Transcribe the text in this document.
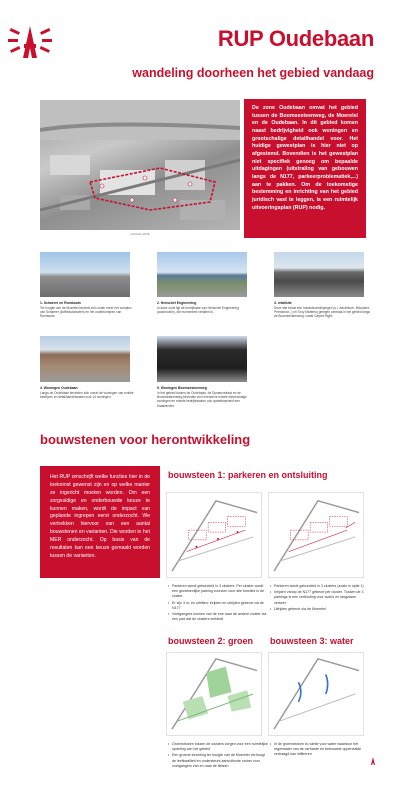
RUP Oudebaan
wandeling doorheen het gebied vandaag
luchtfoto 2018
De zone Oudebaan omvat het gebied tussen de Boomsesteenweg, de Moerelei en de Oudebaan. In dit gebied komen naast bedrijvigheid ook woningen en grootschalige detailhandel voor. Het huidige gewestplan is hier niet op afgestemd. Bovendien is het gewestplan niet specifiek genoeg om bepaalde uitdagingen (uitstraling van gebouwen langs de N177, parkeerproblematiek,...) aan te pakken. Om de toekomstige bestemming en inrichting van het gebied juridisch vast te leggen, is een ruimtelijk uitvoeringsplan (RUP) nodig.
1. Schaerer en Rombouts
Ter hoogte van de Moerelei bevindt zich onder meer het complex van Schaerer (koffieautomaten) en het onderkomplex van Rombouts.
2. Henschel Engineering
In deze zone ligt de bedrijfssite van Henschel Engineering (automotive), die momenteel verlaten is.
3. retailsite
Deze site bevat een handelsverdiepingen (o.l. Adventure, Bricoland, Prémamar...) en Tony Martens) gelegen centraal in het gebied langs de Boomsesteenweg, naast Carpet Right.
4. Woningen Oudebaan
Langs de Oudebaan bevinden zich zowel de woningen van enkele bedrijven en detailhandelszaken ook 14 woningen.
5. Woningen Boomsesteenweg
In het gebied tussen de Oudebaan, de Dynamostraat en de Boomsesteenweg bevinden zich eveneens enkele kleinschalige woningen en enkele bedrijfsstaken ook opwetbaarheid een braakterrein.
bouwstenen voor herontwikkeling
Het RUP omschrijft welke functies hier in de toekomst gewenst zijn en op welke manier ze ingericht moeten worden. Om een zorgvuldige en onderbouwde keuze te kunnen maken, wordt de impact van geplande ingrepen eerst onderzocht. We vertrekken hiervoor van een aantal bouwstenen en varianten. Die worden in het MER onderzocht. Op basis van de resultaten kan een keuze gemaakt worden tussen de varianten.
bouwsteen 1: parkeren en ontsluiting
• Parkeren wordt gebundeld in 3 clusters. Per cluster wordt een gezamenlijke parking voorzien voor alle functies in de cluster.
• Er zijn 3 in- en uitritten: inrijden en uitrijden gebeurt via de N177
• Voetgangers kunnen van de ene naar de andere cluster via een pad dat de clusters verbindt
• Parkeren wordt gebundeld in 3 clusters (zoals in optie 1)
• Inrijden vanop de N177 gebeurt per cluster. Tussen de 3 parkings is een verbinding voor auto's en langzaam verkeer
• Uitrijden gebeurt via de Moerelei
bouwsteen 2: groen
• Groenstroken tussen de clusters zorgen voor een ruimtelijke opdeling van het gebied
• Een groene inrichting ter hoogte van de Moerelei verhoogt de leefkwaliteit en ondersteunt aanvullende routes voor voetgangers van en naar de fietsen
bouwsteen 3: water
• In de groenstroken is ruimte voor water waardoor het regenwater van de verharde en bebouwde oppervlakte vertraagd kan infiltreren
